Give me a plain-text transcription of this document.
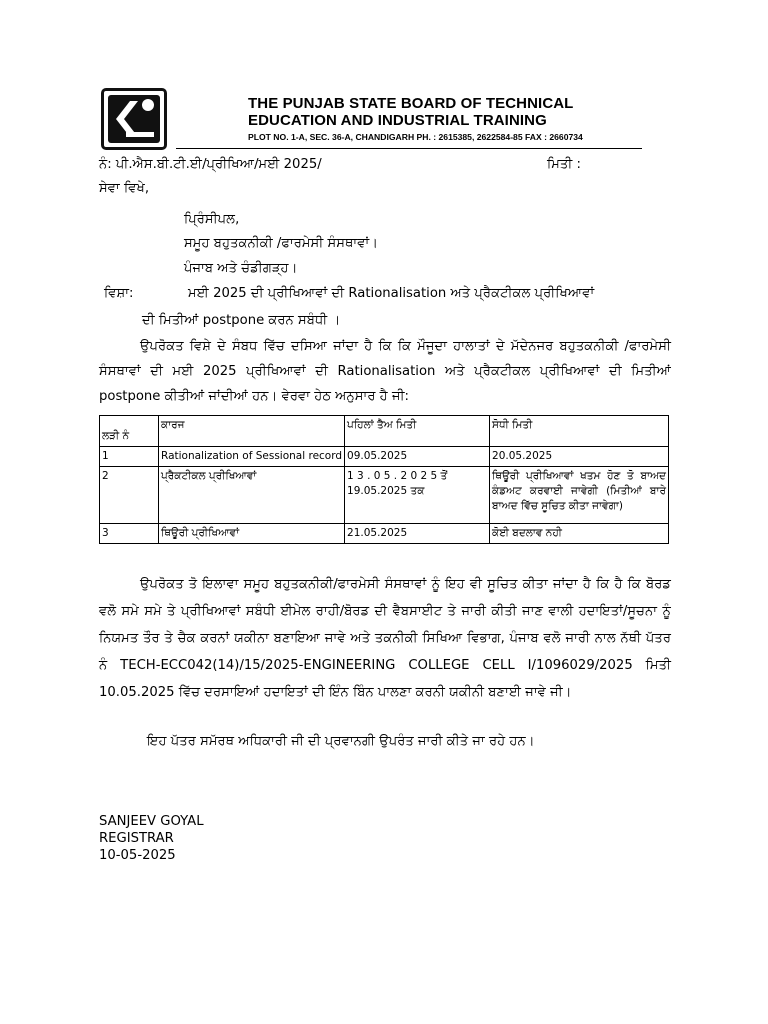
THE PUNJAB STATE BOARD OF TECHNICAL
EDUCATION AND INDUSTRIAL TRAINING
PLOT NO. 1-A, SEC. 36-A, CHANDIGARH PH. : 2615385, 2622584-85 FAX : 2660734
ਨੰ: ਪੀ.ਐਸ.ਬੀ.ਟੀ.ਈ/ਪ੍ਰੀਖਿਆ/ਮਈ 2025/	ਮਿਤੀ :
ਸੇਵਾ ਵਿਖੇ,
ਪ੍ਰਿੰਸੀਪਲ,
ਸਮੂਹ ਬਹੁਤਕਨੀਕੀ /ਫਾਰਮੇਸੀ ਸੰਸਥਾਵਾਂ।
ਪੰਜਾਬ ਅਤੇ ਚੰਡੀਗੜ੍ਹ।
ਵਿਸ਼ਾ:	ਮਈ 2025 ਦੀ ਪ੍ਰੀਖਿਆਵਾਂ ਦੀ Rationalisation ਅਤੇ ਪ੍ਰੈਕਟੀਕਲ ਪ੍ਰੀਖਿਆਵਾਂ
ਦੀ ਮਿਤੀਆਂ postpone ਕਰਨ ਸਬੰਧੀ ।
ਉਪਰੋਕਤ ਵਿਸ਼ੇ ਦੇ ਸੰਬਧ ਵਿੱਚ ਦਸਿਆ ਜਾਂਦਾ ਹੈ ਕਿ ਕਿ ਮੌਜੂਦਾ ਹਾਲਾਤਾਂ ਦੇ ਮੱਦੇਨਜਰ ਬਹੁਤਕਨੀਕੀ /ਫਾਰਮੇਸੀ ਸੰਸਥਾਵਾਂ ਦੀ ਮਈ 2025 ਪ੍ਰੀਖਿਆਵਾਂ ਦੀ Rationalisation ਅਤੇ ਪ੍ਰੈਕਟੀਕਲ ਪ੍ਰੀਖਿਆਵਾਂ ਦੀ ਮਿਤੀਆਂ postpone ਕੀਤੀਆਂ ਜਾਂਦੀਆਂ ਹਨ। ਵੇਰਵਾ ਹੇਠ ਅਨੁਸਾਰ ਹੈ ਜੀ:
ਲੜੀ ਨੰ	ਕਾਰਜ	ਪਹਿਲਾਂ ਤੈਅ ਮਿਤੀ	ਸੋਧੀ ਮਿਤੀ
1	Rationalization of Sessional record	09.05.2025	20.05.2025
2	ਪ੍ਰੈਕਟੀਕਲ ਪ੍ਰੀਖਿਆਵਾਂ	1 3 . 0 5 . 2 0 2 5 ਤੋਂ 19.05.2025 ਤਕ	ਥਿਊਰੀ ਪ੍ਰੀਖਿਆਵਾਂ ਖਤਮ ਹੋਣ ਤੋ ਬਾਅਦ ਕੰਡਅਟ ਕਰਵਾਈ ਜਾਵੇਗੀ (ਮਿਤੀਆਂ ਬਾਰੇ ਬਾਅਦ ਵਿੱਚ ਸੂਚਿਤ ਕੀਤਾ ਜਾਵੇਗਾ)
3	ਥਿਊਰੀ ਪ੍ਰੀਖਿਆਵਾਂ	21.05.2025	ਕੋਈ ਬਦਲਾਵ ਨਹੀ
ਉਪਰੋਕਤ ਤੋ ਇਲਾਵਾ ਸਮੂਹ ਬਹੁਤਕਨੀਕੀ/ਫਾਰਮੇਸੀ ਸੰਸਥਾਵਾਂ ਨੂੰ ਇਹ ਵੀ ਸੂਚਿਤ ਕੀਤਾ ਜਾਂਦਾ ਹੈ ਕਿ ਹੈ ਕਿ ਬੋਰਡ ਵਲੋ ਸਮੇ ਸਮੇ ਤੇ ਪ੍ਰੀਖਿਆਵਾਂ ਸਬੰਧੀ ਈਮੇਲ ਰਾਹੀ/ਬੋਰਡ ਦੀ ਵੈਬਸਾਈਟ ਤੇ ਜਾਰੀ ਕੀਤੀ ਜਾਣ ਵਾਲੀ ਹਦਾਇਤਾਂ/ਸੂਚਨਾ ਨੂੰ ਨਿਯਮਤ ਤੌਰ ਤੇ ਚੈਕ ਕਰਨਾਂ ਯਕੀਨਾ ਬਣਾਇਆ ਜਾਵੇ ਅਤੇ ਤਕਨੀਕੀ ਸਿਖਿਆ ਵਿਭਾਗ, ਪੰਜਾਬ ਵਲੋ ਜਾਰੀ ਨਾਲ ਨੱਥੀ ਪੱਤਰ ਨੰ TECH-ECC042(14)/15/2025-ENGINEERING COLLEGE CELL I/1096029/2025 ਮਿਤੀ 10.05.2025 ਵਿੱਚ ਦਰਸਾਇਆਂ ਹਦਾਇਤਾਂ ਦੀ ਇੰਨ ਬਿੰਨ ਪਾਲਣਾ ਕਰਨੀ ਯਕੀਨੀ ਬਣਾਈ ਜਾਵੇ ਜੀ।
ਇਹ ਪੱਤਰ ਸਮੱਰਥ ਅਧਿਕਾਰੀ ਜੀ ਦੀ ਪ੍ਰਵਾਨਗੀ ਉਪਰੰਤ ਜਾਰੀ ਕੀਤੇ ਜਾ ਰਹੇ ਹਨ।
SANJEEV GOYAL
REGISTRAR
10-05-2025
